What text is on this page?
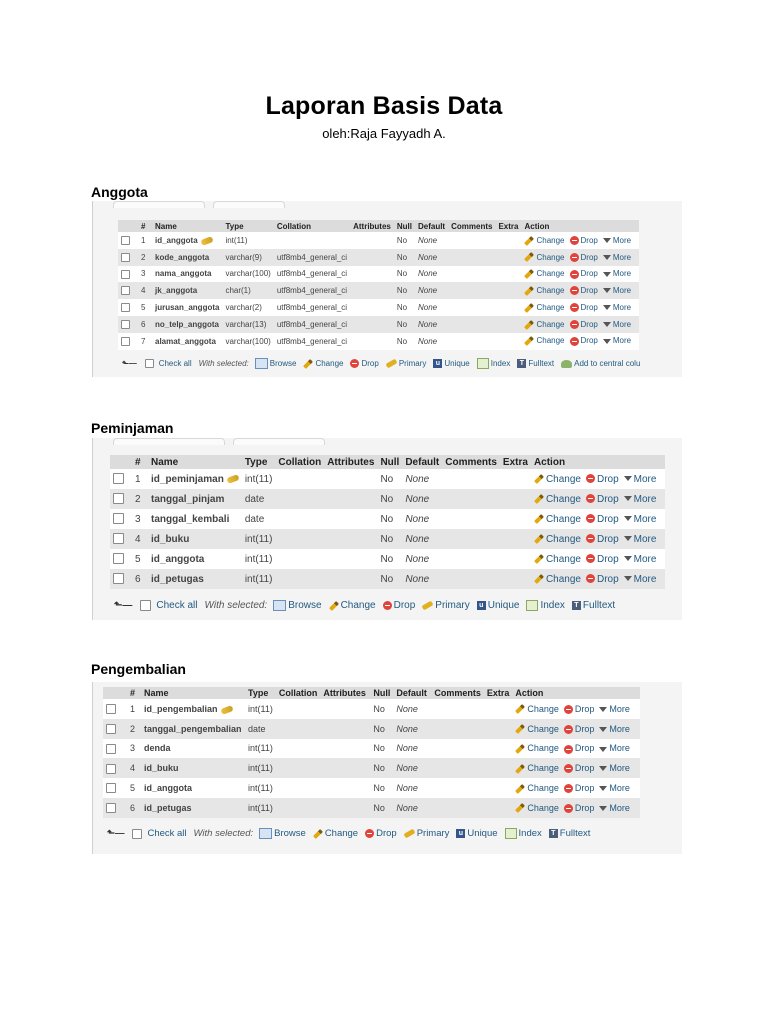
Laporan Basis Data
oleh:Raja Fayyadh A.
Anggota
	#	Name	Type	Collation	Attributes	Null	Default	Comments	Extra	Action
	1	id_anggota	int(11)			No	None			Change Drop More
	2	kode_anggota	varchar(9)	utf8mb4_general_ci		No	None			Change Drop More
	3	nama_anggota	varchar(100)	utf8mb4_general_ci		No	None			Change Drop More
	4	jk_anggota	char(1)	utf8mb4_general_ci		No	None			Change Drop More
	5	jurusan_anggota	varchar(2)	utf8mb4_general_ci		No	None			Change Drop More
	6	no_telp_anggota	varchar(13)	utf8mb4_general_ci		No	None			Change Drop More
	7	alamat_anggota	varchar(100)	utf8mb4_general_ci		No	None			Change Drop More
⬑—	Check all With selected:	Browse Change Drop	Primary u Unique	Index T Fulltext	Add to central colu
Peminjaman
	#	Name	Type	Collation	Attributes	Null	Default	Comments	Extra	Action
	1	id_peminjaman	int(11)			No	None			Change Drop More
	2	tanggal_pinjam	date			No	None			Change Drop More
	3	tanggal_kembali	date			No	None			Change Drop More
	4	id_buku	int(11)			No	None			Change Drop More
	5	id_anggota	int(11)			No	None			Change Drop More
	6	id_petugas	int(11)			No	None			Change Drop More
⬑— Check all With selected: Browse Change Drop Primary u Unique Index T Fulltext
Pengembalian
	#	Name	Type	Collation	Attributes	Null	Default	Comments	Extra	Action
	1	id_pengembalian	int(11)			No	None			Change Drop More
	2	tanggal_pengembalian	date			No	None			Change Drop More
	3	denda	int(11)			No	None			Change Drop More
	4	id_buku	int(11)			No	None			Change Drop More
	5	id_anggota	int(11)			No	None			Change Drop More
	6	id_petugas	int(11)			No	None			Change Drop More
⬑— Check all With selected: Browse Change Drop Primary u Unique Index T Fulltext
